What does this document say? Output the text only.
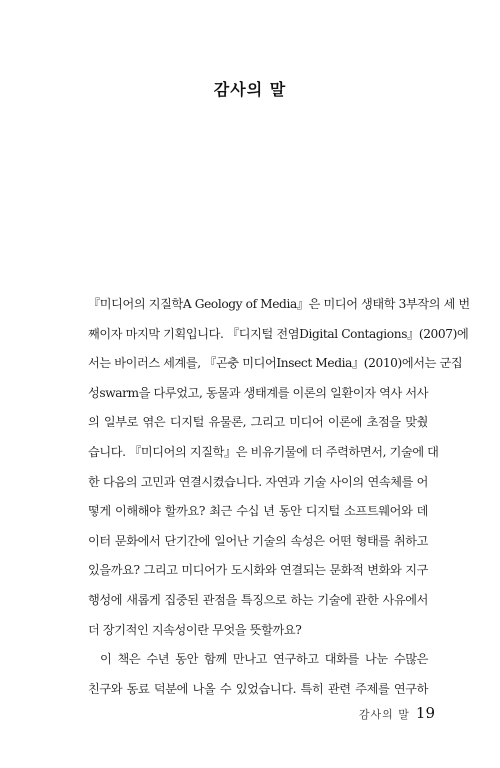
감사의 말

『미디어의 지질학A Geology of Media』은 미디어 생태학 3부작의 세 번
째이자 마지막 기획입니다. 『디지털 전염Digital Contagions』(2007)에
서는 바이러스 세계를, 『곤충 미디어Insect Media』(2010)에서는 군집
성swarm을 다루었고, 동물과 생태계를 이론의 일환이자 역사 서사
의 일부로 엮은 디지털 유물론, 그리고 미디어 이론에 초점을 맞췄
습니다. 『미디어의 지질학』은 비유기물에 더 주력하면서, 기술에 대
한 다음의 고민과 연결시켰습니다. 자연과 기술 사이의 연속체를 어
떻게 이해해야 할까요? 최근 수십 년 동안 디지털 소프트웨어와 데
이터 문화에서 단기간에 일어난 기술의 속성은 어떤 형태를 취하고
있을까요? 그리고 미디어가 도시화와 연결되는 문화적 변화와 지구
행성에 새롭게 집중된 관점을 특징으로 하는 기술에 관한 사유에서
더 장기적인 지속성이란 무엇을 뜻할까요?

이 책은 수년 동안 함께 만나고 연구하고 대화를 나눈 수많은
친구와 동료 덕분에 나올 수 있었습니다. 특히 관련 주제를 연구하

감사의 말 19
